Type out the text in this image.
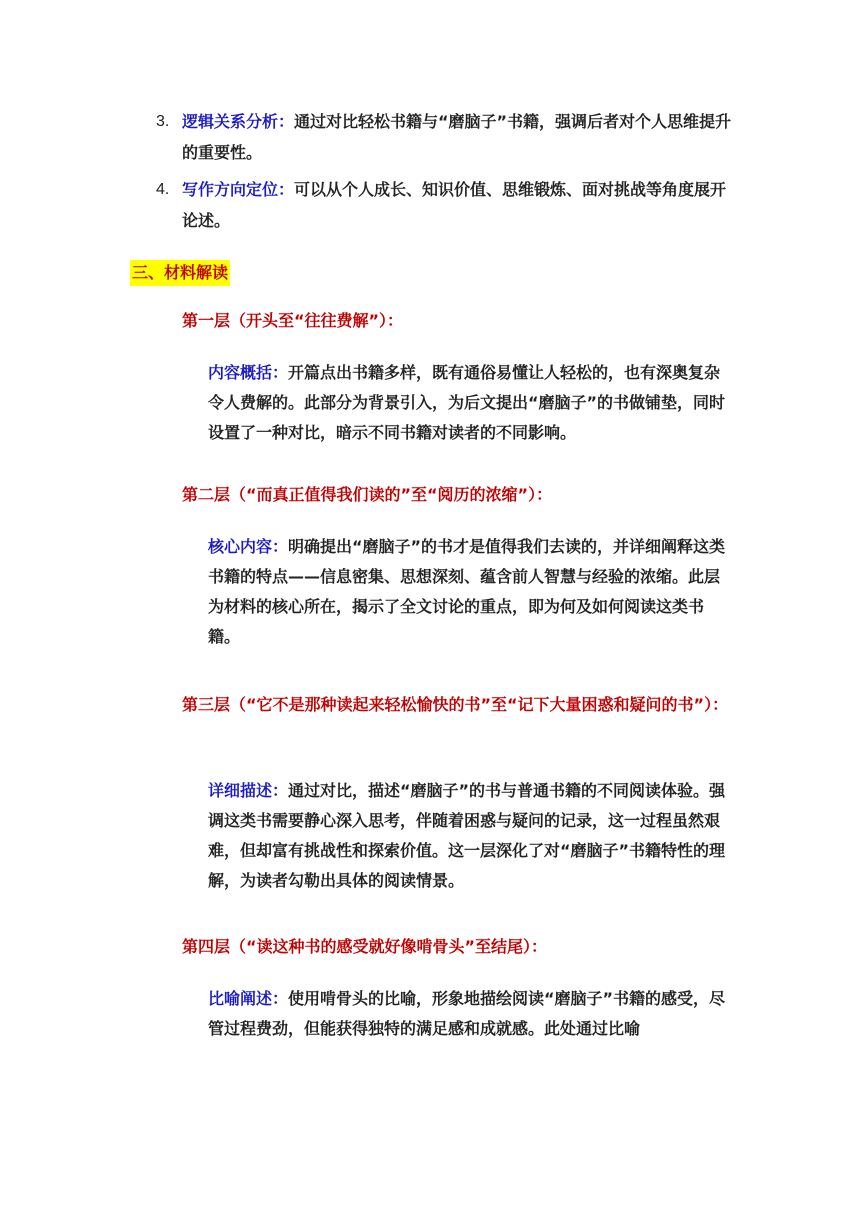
3. 逻辑关系分析：通过对比轻松书籍与“磨脑子”书籍，强调后者对个人思维提升的重要性。
4. 写作方向定位：可以从个人成长、知识价值、思维锻炼、面对挑战等角度展开论述。
三、材料解读
第一层（开头至“往往费解”）：
内容概括：开篇点出书籍多样，既有通俗易懂让人轻松的，也有深奥复杂令人费解的。此部分为背景引入，为后文提出“磨脑子”的书做铺垫，同时设置了一种对比，暗示不同书籍对读者的不同影响。
第二层（“而真正值得我们读的”至“阅历的浓缩”）：
核心内容：明确提出“磨脑子”的书才是值得我们去读的，并详细阐释这类书籍的特点——信息密集、思想深刻、蕴含前人智慧与经验的浓缩。此层为材料的核心所在，揭示了全文讨论的重点，即为何及如何阅读这类书籍。
第三层（“它不是那种读起来轻松愉快的书”至“记下大量困惑和疑问的书”）：
详细描述：通过对比，描述“磨脑子”的书与普通书籍的不同阅读体验。强调这类书需要静心深入思考，伴随着困惑与疑问的记录，这一过程虽然艰难，但却富有挑战性和探索价值。这一层深化了对“磨脑子”书籍特性的理解，为读者勾勒出具体的阅读情景。
第四层（“读这种书的感受就好像啃骨头”至结尾）：
比喻阐述：使用啃骨头的比喻，形象地描绘阅读“磨脑子”书籍的感受，尽管过程费劲，但能获得独特的满足感和成就感。此处通过比喻
